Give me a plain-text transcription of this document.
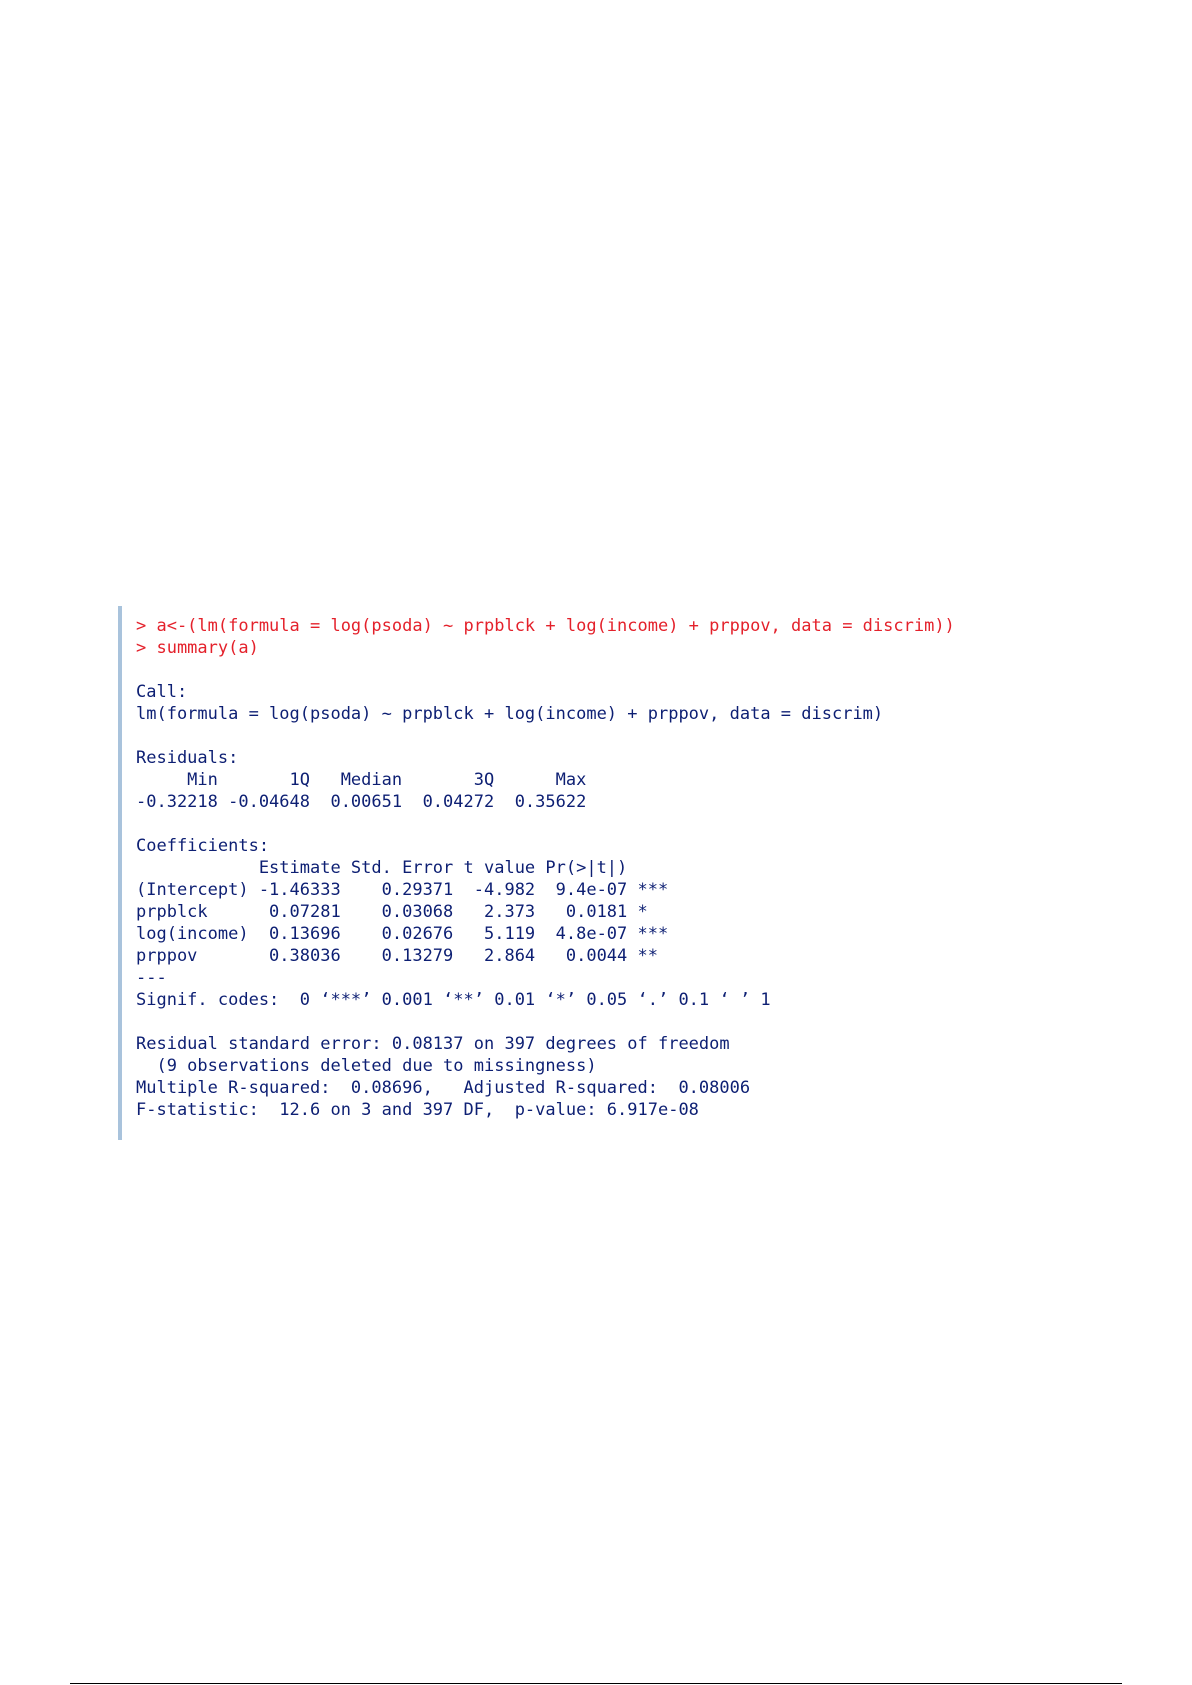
> a<-(lm(formula = log(psoda) ~ prpblck + log(income) + prppov, data = discrim))
> summary(a)
Call:
lm(formula = log(psoda) ~ prpblck + log(income) + prppov, data = discrim)
Residuals:
Min       1Q   Median       3Q      Max
-0.32218 -0.04648  0.00651  0.04272  0.35622
Coefficients:
Estimate Std. Error t value Pr(>|t|)
(Intercept) -1.46333    0.29371  -4.982  9.4e-07 ***
prpblck      0.07281    0.03068   2.373   0.0181 *
log(income)  0.13696    0.02676   5.119  4.8e-07 ***
prppov       0.38036    0.13279   2.864   0.0044 **
---
Signif. codes:  0 ‘***’ 0.001 ‘**’ 0.01 ‘*’ 0.05 ‘.’ 0.1 ‘ ’ 1
Residual standard error: 0.08137 on 397 degrees of freedom
(9 observations deleted due to missingness)
Multiple R-squared:  0.08696,	Adjusted R-squared:  0.08006
F-statistic:  12.6 on 3 and 397 DF,  p-value: 6.917e-08
